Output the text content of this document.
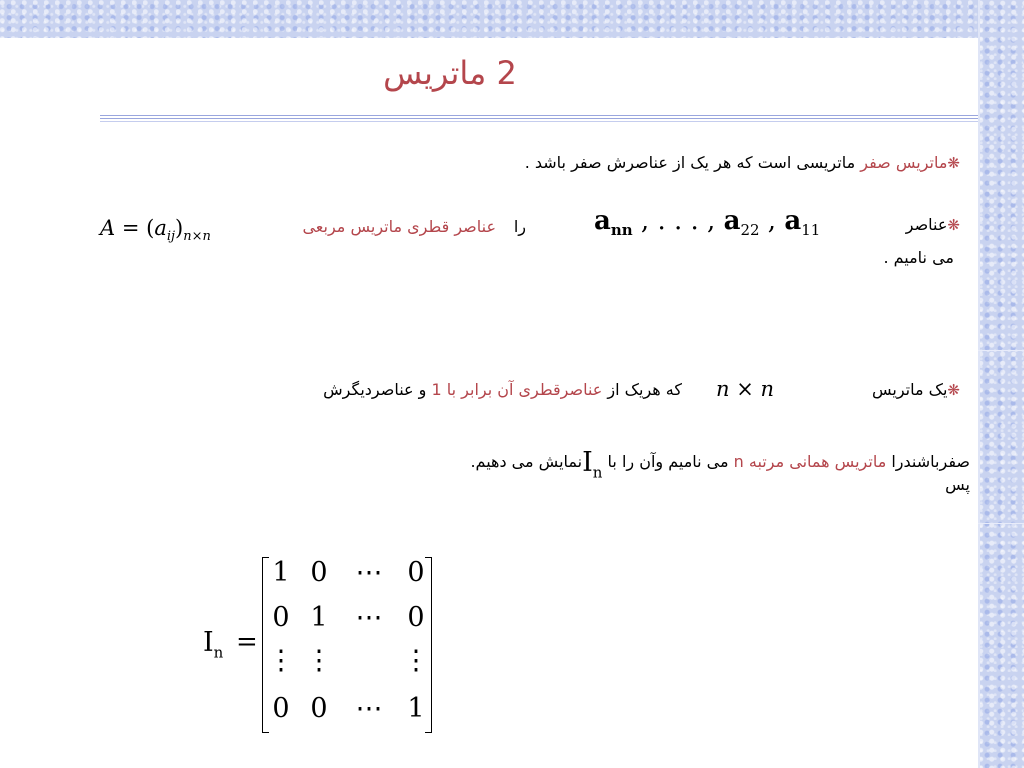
2 ماتریس
❋ماتریس صفر ماتریسی است که هر یک از عناصرش صفر باشد .
❋عناصر
$a_{nn}$ , . . . , $a_{22}$ , $a_{11}$
را
عناصر قطری ماتریس مربعی
$A = (a_{ij})_{n\times n}$
می نامیم .
❋یک ماتریس
n × n
که هریک از عناصرقطری آن برابر با 1 و عناصردیگرش
صفرباشندرا ماتریس همانی مرتبه n می نامیم وآن را با $I_nنمایش$ می دهیم.
پس
$I_n$ =
1 0 ⋯ 0
0 1 ⋯ 0
⋮ ⋮	⋮
0 0 ⋯ 1
